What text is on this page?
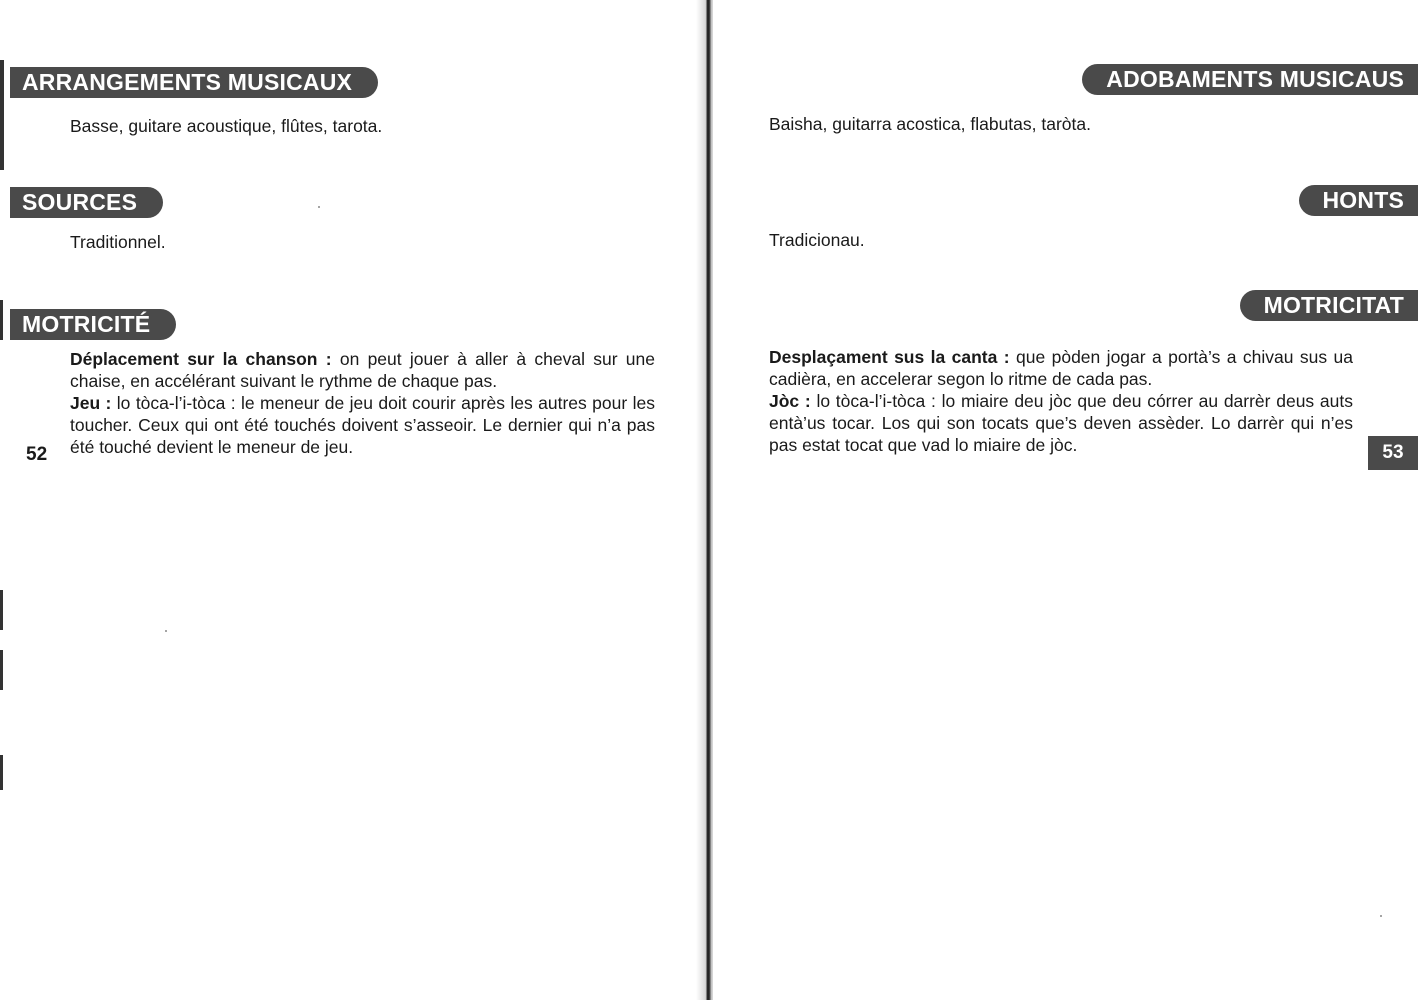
ARRANGEMENTS MUSICAUX
Basse, guitare acoustique, flûtes, tarota.
SOURCES
Traditionnel.
MOTRICITÉ

Déplacement sur la chanson : on peut jouer à aller à cheval sur une chaise, en accélérant suivant le rythme de chaque pas.

Jeu : lo tòca-l’i-tòca : le meneur de jeu doit courir après les autres pour les toucher. Ceux qui ont été touchés doivent s’asseoir. Le dernier qui n’a pas été touché devient le meneur de jeu.

52
ADOBAMENTS MUSICAUS
Baisha, guitarra acostica, flabutas, taròta.
HONTS
Tradicionau.
MOTRICITAT

Desplaçament sus la canta : que pòden jogar a portà’s a chivau sus ua cadièra, en accelerar segon lo ritme de cada pas.

Jòc : lo tòca-l’i-tòca : lo miaire deu jòc que deu córrer au darrèr deus auts entà’us tocar. Los qui son tocats que’s deven assèder. Lo darrèr qui n’es pas estat tocat que vad lo miaire de jòc.	53
